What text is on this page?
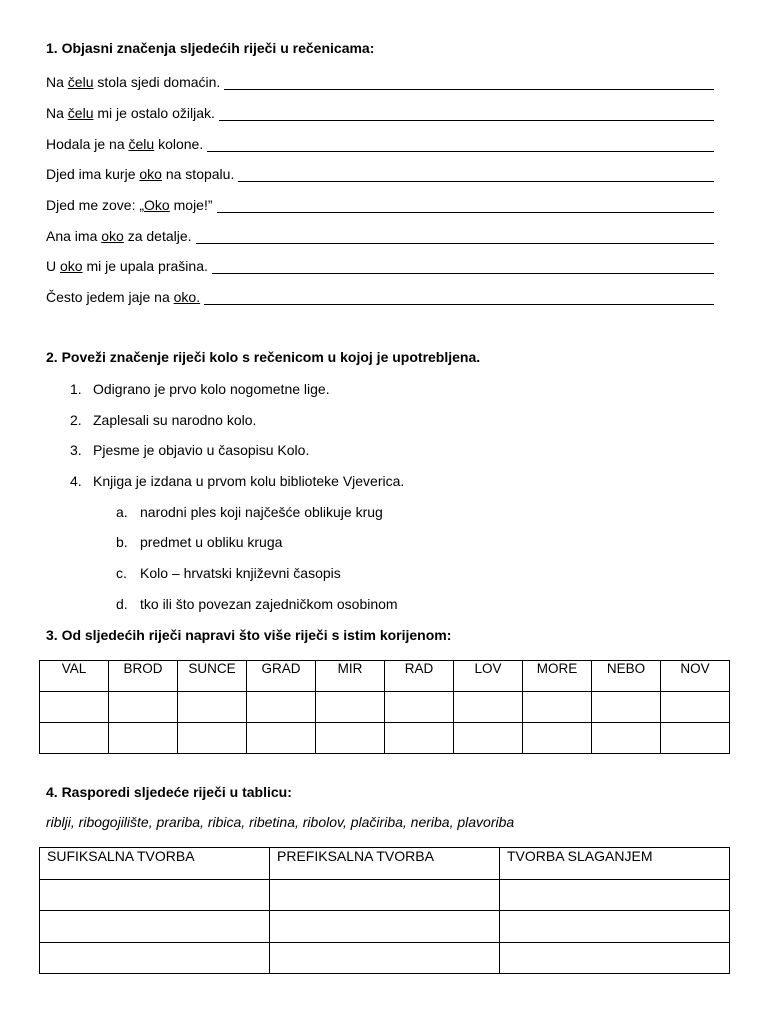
1. Objasni značenja sljedećih riječi u rečenicama:
Na čelu stola sjedi domaćin.
Na čelu mi je ostalo ožiljak.
Hodala je na čelu kolone.
Djed ima kurje oko na stopalu.
Djed me zove: „Oko moje!”
Ana ima oko za detalje.
U oko mi je upala prašina.
Često jedem jaje na oko.
2. Poveži značenje riječi kolo s rečenicom u kojoj je upotrebljena.
1. Odigrano je prvo kolo nogometne lige.
2. Zaplesali su narodno kolo.
3. Pjesme je objavio u časopisu Kolo.
4. Knjiga je izdana u prvom kolu biblioteke Vjeverica.
a. narodni ples koji najčešće oblikuje krug
b. predmet u obliku kruga
c. Kolo – hrvatski književni časopis
d. tko ili što povezan zajedničkom osobinom
3. Od sljedećih riječi napravi što više riječi s istim korijenom:
VAL	BROD	SUNCE	GRAD	MIR	RAD	LOV	MORE	NEBO	NOV

4. Rasporedi sljedeće riječi u tablicu:
riblji, ribogojilište, prariba, ribica, ribetina, ribolov, plačiriba, neriba, plavoriba
SUFIKSALNA TVORBA	PREFIKSALNA TVORBA	TVORBA SLAGANJEM
